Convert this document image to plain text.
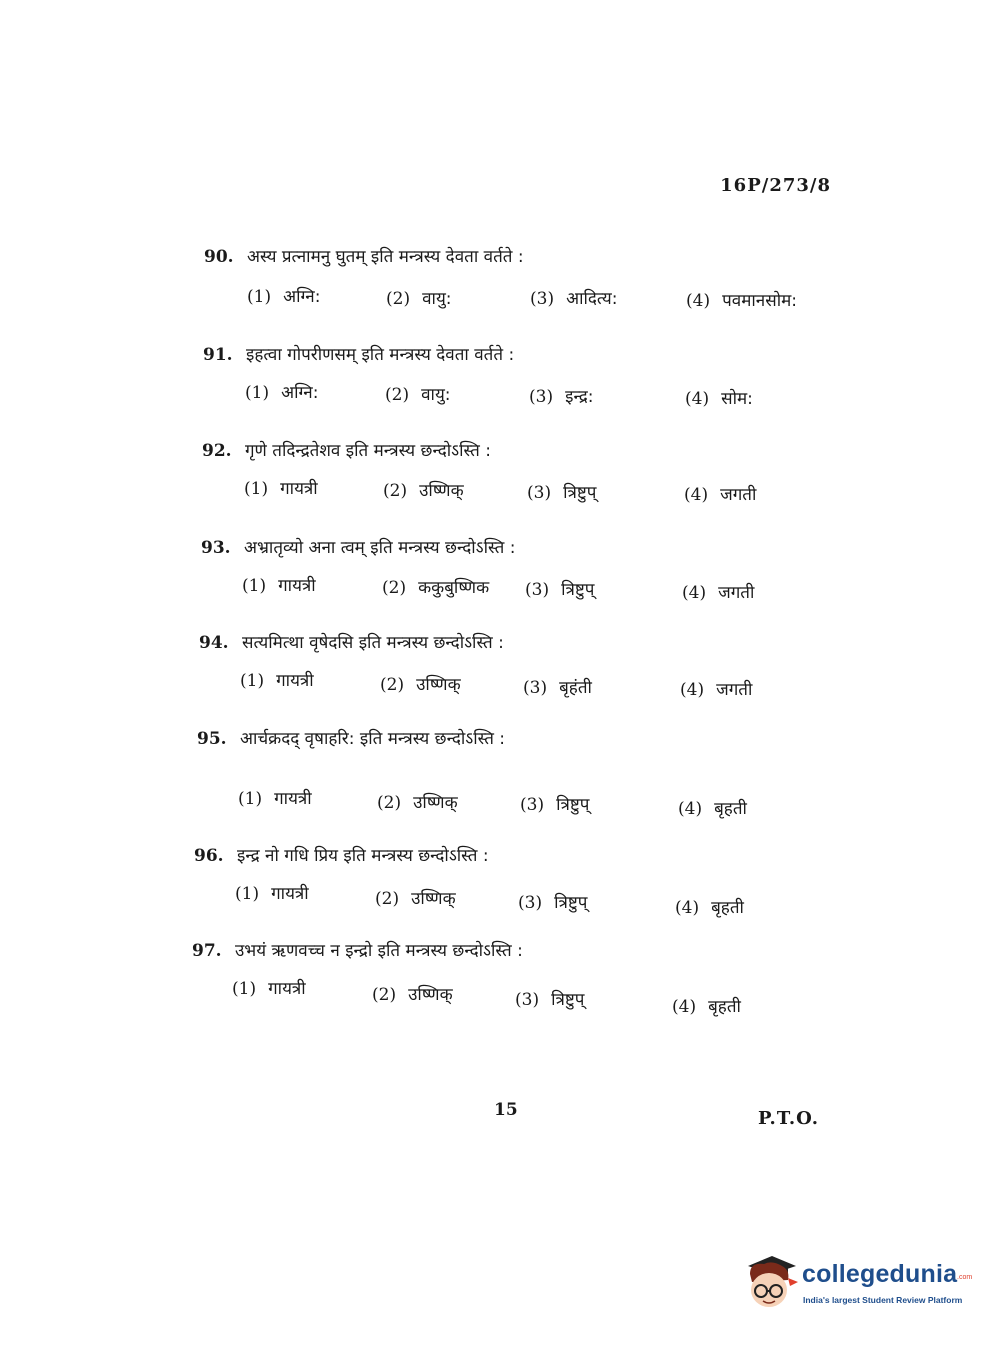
16P/273/8
90. अस्य प्रत्नामनु घुतम् इति मन्त्रस्य देवता वर्तते :
(1) अग्नि:	(2) वायु:	(3) आदित्य:	(4) पवमानसोम:
91. इहत्वा गोपरीणसम् इति मन्त्रस्य देवता वर्तते :
(1) अग्नि:	(2) वायु:	(3) इन्द्र:	(4) सोम:
92. गृणे तदिन्द्रतेशव इति मन्त्रस्य छन्दोऽस्ति :
(1) गायत्री	(2) उष्णिक्	(3) त्रिष्टुप्	(4) जगती
93. अभ्रातृव्यो अना त्वम् इति मन्त्रस्य छन्दोऽस्ति :
(1) गायत्री	(2) ककुबुष्णिक (3) त्रिष्टुप्	(4) जगती
94. सत्यमित्था वृषेदसि इति मन्त्रस्य छन्दोऽस्ति :
(1) गायत्री	(2) उष्णिक्	(3) बृहंती	(4) जगती
95. आर्चक्रदद् वृषाहरि: इति मन्त्रस्य छन्दोऽस्ति :
(1) गायत्री	(2) उष्णिक्	(3) त्रिष्टुप्	(4) बृहती
96. इन्द्र नो गधि प्रिय इति मन्त्रस्य छन्दोऽस्ति :
(1) गायत्री	(2) उष्णिक्	(3) त्रिष्टुप्	(4) बृहती
97. उभयं ऋणवच्च न इन्द्रो इति मन्त्रस्य छन्दोऽस्ति :
(1) गायत्री	(2) उष्णिक्	(3) त्रिष्टुप्	(4) बृहती
15	P.T.O.
collegedunia .com
India's largest Student Review Platform
